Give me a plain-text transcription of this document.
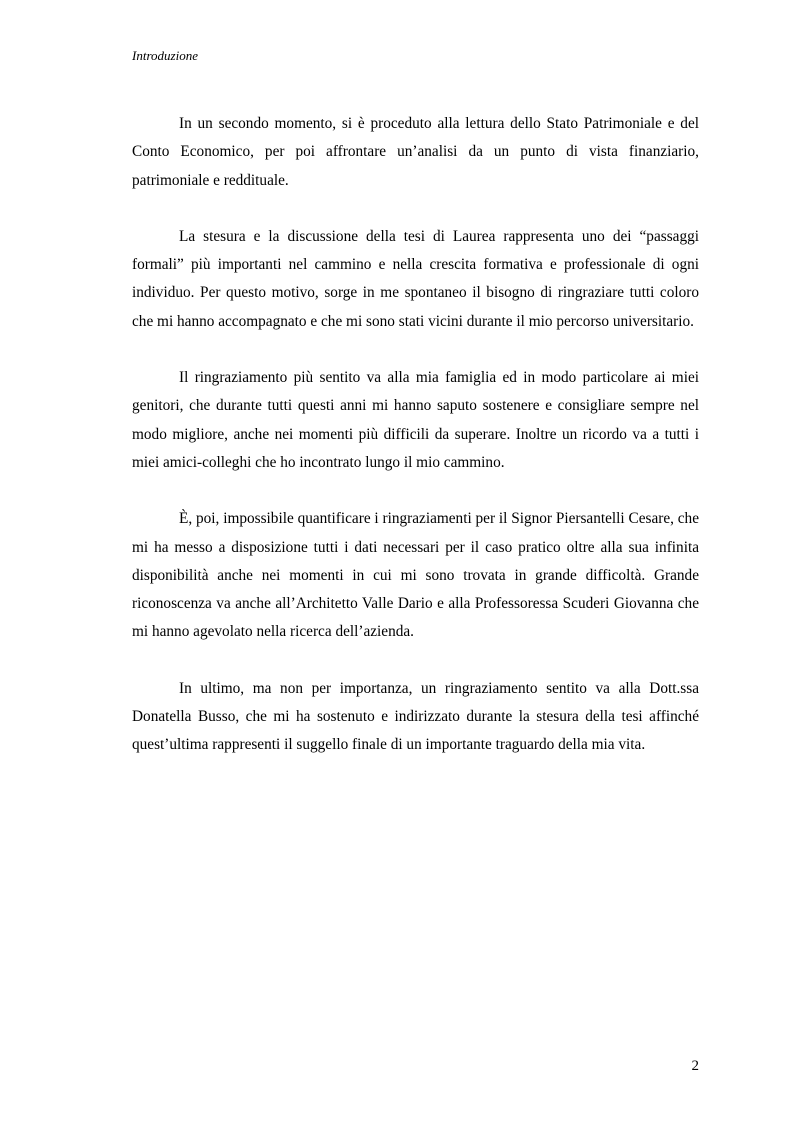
Introduzione

In un secondo momento, si è proceduto alla lettura dello Stato Patrimoniale e del Conto Economico, per poi affrontare un’analisi da un punto di vista finanziario, patrimoniale e reddituale.

La stesura e la discussione della tesi di Laurea rappresenta uno dei “passaggi formali” più importanti nel cammino e nella crescita formativa e professionale di ogni individuo. Per questo motivo, sorge in me spontaneo il bisogno di ringraziare tutti coloro che mi hanno accompagnato e che mi sono stati vicini durante il mio percorso universitario.

Il ringraziamento più sentito va alla mia famiglia ed in modo particolare ai miei genitori, che durante tutti questi anni mi hanno saputo sostenere e consigliare sempre nel modo migliore, anche nei momenti più difficili da superare. Inoltre un ricordo va a tutti i miei amici-colleghi che ho incontrato lungo il mio cammino.

È, poi, impossibile quantificare i ringraziamenti per il Signor Piersantelli Cesare, che mi ha messo a disposizione tutti i dati necessari per il caso pratico oltre alla sua infinita disponibilità anche nei momenti in cui mi sono trovata in grande difficoltà. Grande riconoscenza va anche all’Architetto Valle Dario e alla Professoressa Scuderi Giovanna che mi hanno agevolato nella ricerca dell’azienda.

In ultimo, ma non per importanza, un ringraziamento sentito va alla Dott.ssa Donatella Busso, che mi ha sostenuto e indirizzato durante la stesura della tesi affinché quest’ultima rappresenti il suggello finale di un importante traguardo della mia vita.

2
